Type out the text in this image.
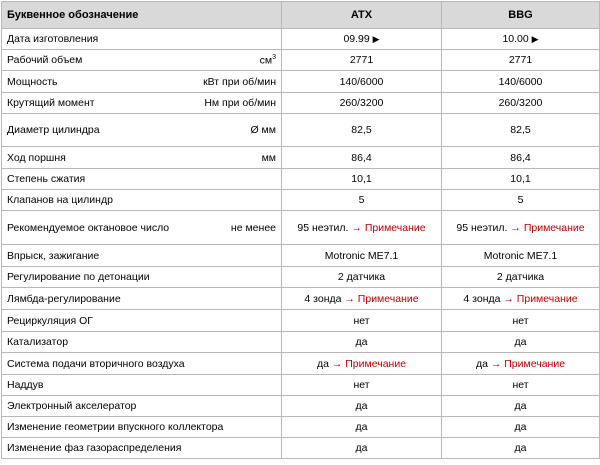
Буквенное обозначение	ATX	BBG

Дата изготовления	09.99 ▶	10.00 ▶

Рабочий объем $см^3$	2771	2771

Мощность кВт при об/мин	140/6000	140/6000

Крутящий момент Нм при об/мин	260/3200	260/3200

Диаметр цилиндра Ø мм	82,5	82,5

Ход поршня мм	86,4	86,4

Степень сжатия	10,1	10,1

Клапанов на цилиндр	5	5

Рекомендуемое октановое число не менее	95 неэтил. → Примечание	95 неэтил. → Примечание

Впрыск, зажигание	Motronic ME7.1	Motronic ME7.1

Регулирование по детонации	2 датчика	2 датчика

Лямбда-регулирование	4 зонда → Примечание	4 зонда → Примечание

Рециркуляция ОГ	нет	нет

Катализатор	да	да

Система подачи вторичного воздуха	да → Примечание	да → Примечание

Наддув	нет	нет

Электронный акселератор	да	да

Изменение геометрии впускного коллектора	да	да

Изменение фаз газораспределения	да	да
